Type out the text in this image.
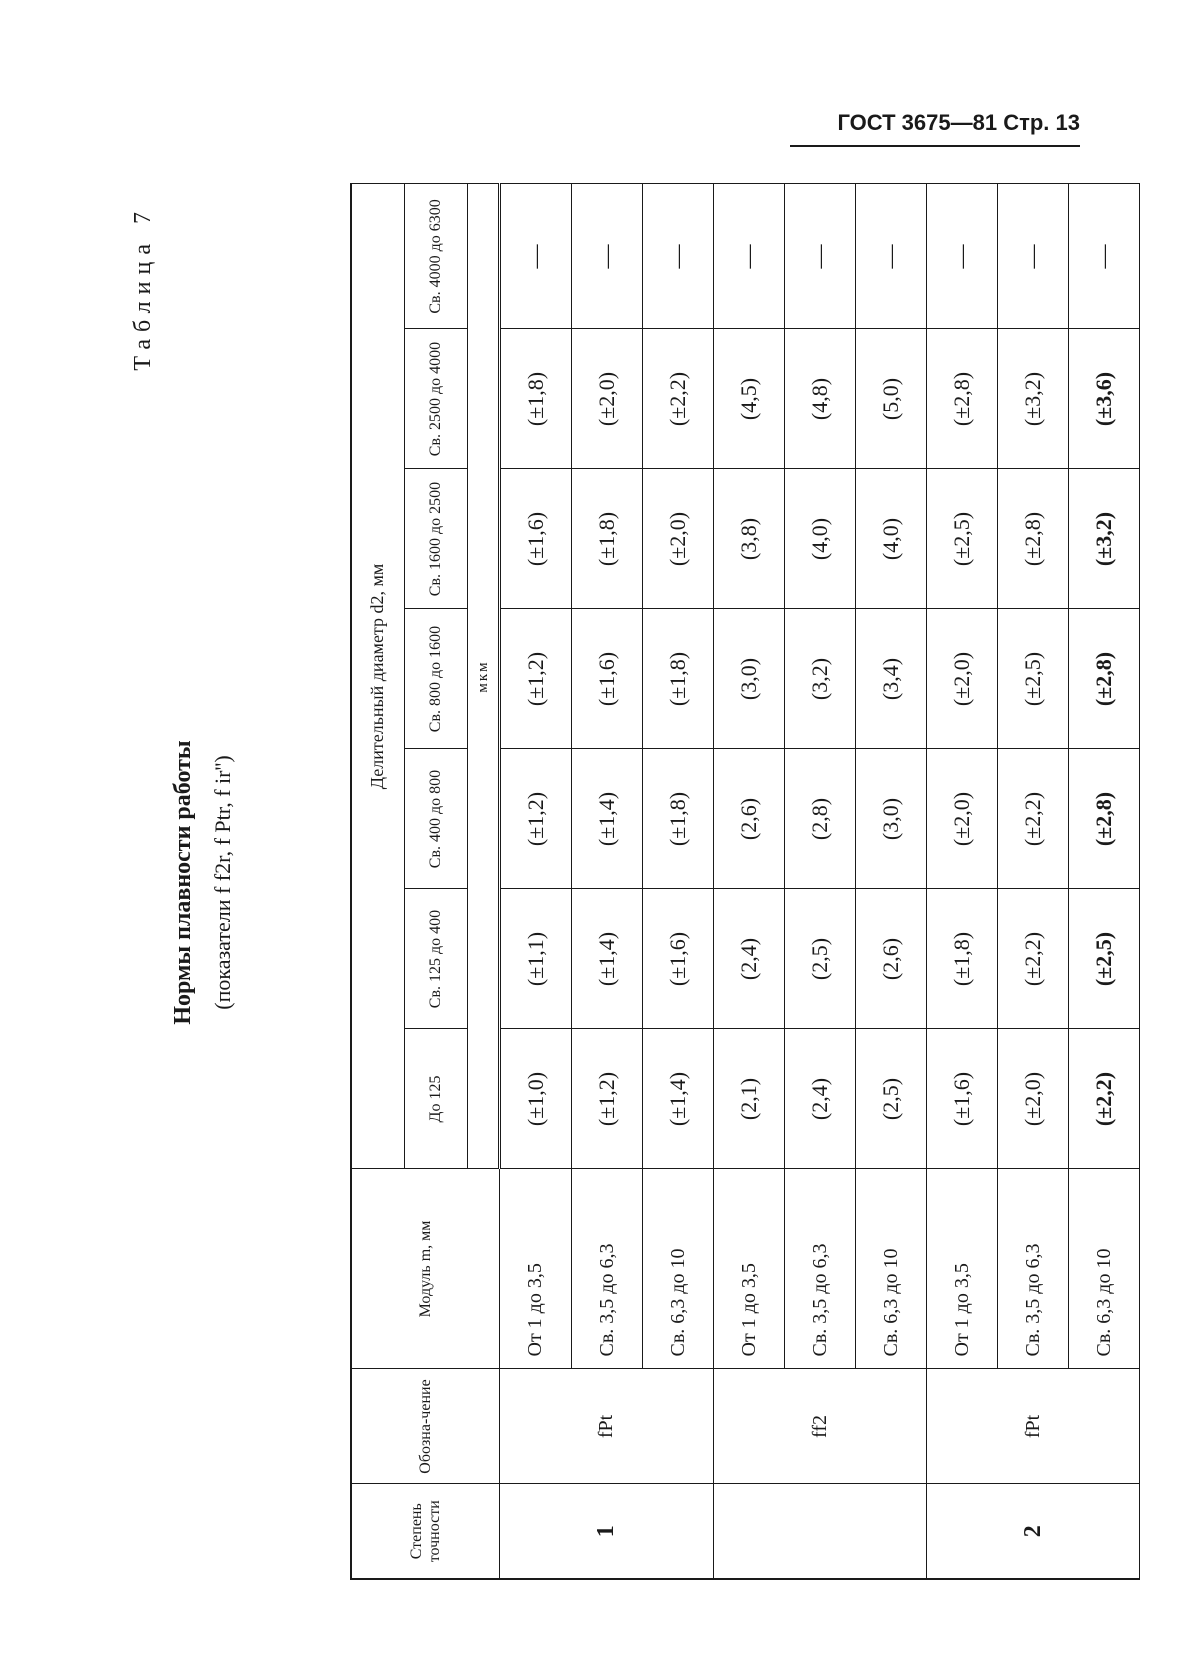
ГОСТ 3675—81 Стр. 13
Таблица 7
Нормы плавности работы (показатели f f2r, f Ptr, f ir'')
Степень точности	Обозна-чение	Модуль m, мм	Делительный диаметр d2, мм						
			До 125	Св. 125 до 400	Св. 400 до 800	Св. 800 до 1600	Св. 1600 до 2500	Св. 2500 до 4000	Св. 4000 до 6300
			мкм						
1	fPt	От 1 до 3,5	(±1,0)	(±1,1)	(±1,2)	(±1,2)	(±1,6)	(±1,8)	—
		Св. 3,5 до 6,3	(±1,2)	(±1,4)	(±1,4)	(±1,6)	(±1,8)	(±2,0)	—
		Св. 6,3 до 10	(±1,4)	(±1,6)	(±1,8)	(±1,8)	(±2,0)	(±2,2)	—
	ff2	От 1 до 3,5	(2,1)	(2,4)	(2,6)	(3,0)	(3,8)	(4,5)	—
		Св. 3,5 до 6,3	(2,4)	(2,5)	(2,8)	(3,2)	(4,0)	(4,8)	—
		Св. 6,3 до 10	(2,5)	(2,6)	(3,0)	(3,4)	(4,0)	(5,0)	—
2	fPt	От 1 до 3,5	(±1,6)	(±1,8)	(±2,0)	(±2,0)	(±2,5)	(±2,8)	—
		Св. 3,5 до 6,3	(±2,0)	(±2,2)	(±2,2)	(±2,5)	(±2,8)	(±3,2)	—
		Св. 6,3 до 10	(±2,2)	(±2,5)	(±2,8)	(±2,8)	(±3,2)	(±3,6)	—
